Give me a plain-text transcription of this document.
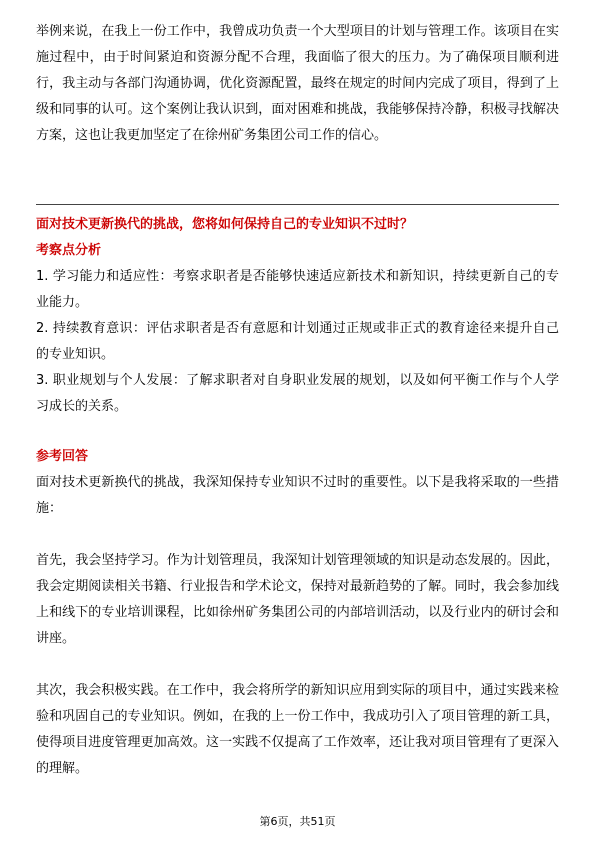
举例来说，在我上一份工作中，我曾成功负责一个大型项目的计划与管理工作。该项目在实施过程中，由于时间紧迫和资源分配不合理，我面临了很大的压力。为了确保项目顺利进行，我主动与各部门沟通协调，优化资源配置，最终在规定的时间内完成了项目，得到了上级和同事的认可。这个案例让我认识到，面对困难和挑战，我能够保持冷静，积极寻找解决方案，这也让我更加坚定了在徐州矿务集团公司工作的信心。

面对技术更新换代的挑战，您将如何保持自己的专业知识不过时？

考察点分析

1. 学习能力和适应性：考察求职者是否能够快速适应新技术和新知识，持续更新自己的专业能力。

2. 持续教育意识：评估求职者是否有意愿和计划通过正规或非正式的教育途径来提升自己的专业知识。

3. 职业规划与个人发展：了解求职者对自身职业发展的规划，以及如何平衡工作与个人学习成长的关系。

参考回答

面对技术更新换代的挑战，我深知保持专业知识不过时的重要性。以下是我将采取的一些措施：

首先，我会坚持学习。作为计划管理员，我深知计划管理领域的知识是动态发展的。因此，我会定期阅读相关书籍、行业报告和学术论文，保持对最新趋势的了解。同时，我会参加线上和线下的专业培训课程，比如徐州矿务集团公司的内部培训活动，以及行业内的研讨会和讲座。

其次，我会积极实践。在工作中，我会将所学的新知识应用到实际的项目中，通过实践来检验和巩固自己的专业知识。例如，在我的上一份工作中，我成功引入了项目管理的新工具，使得项目进度管理更加高效。这一实践不仅提高了工作效率，还让我对项目管理有了更深入的理解。

第6页，共51页
